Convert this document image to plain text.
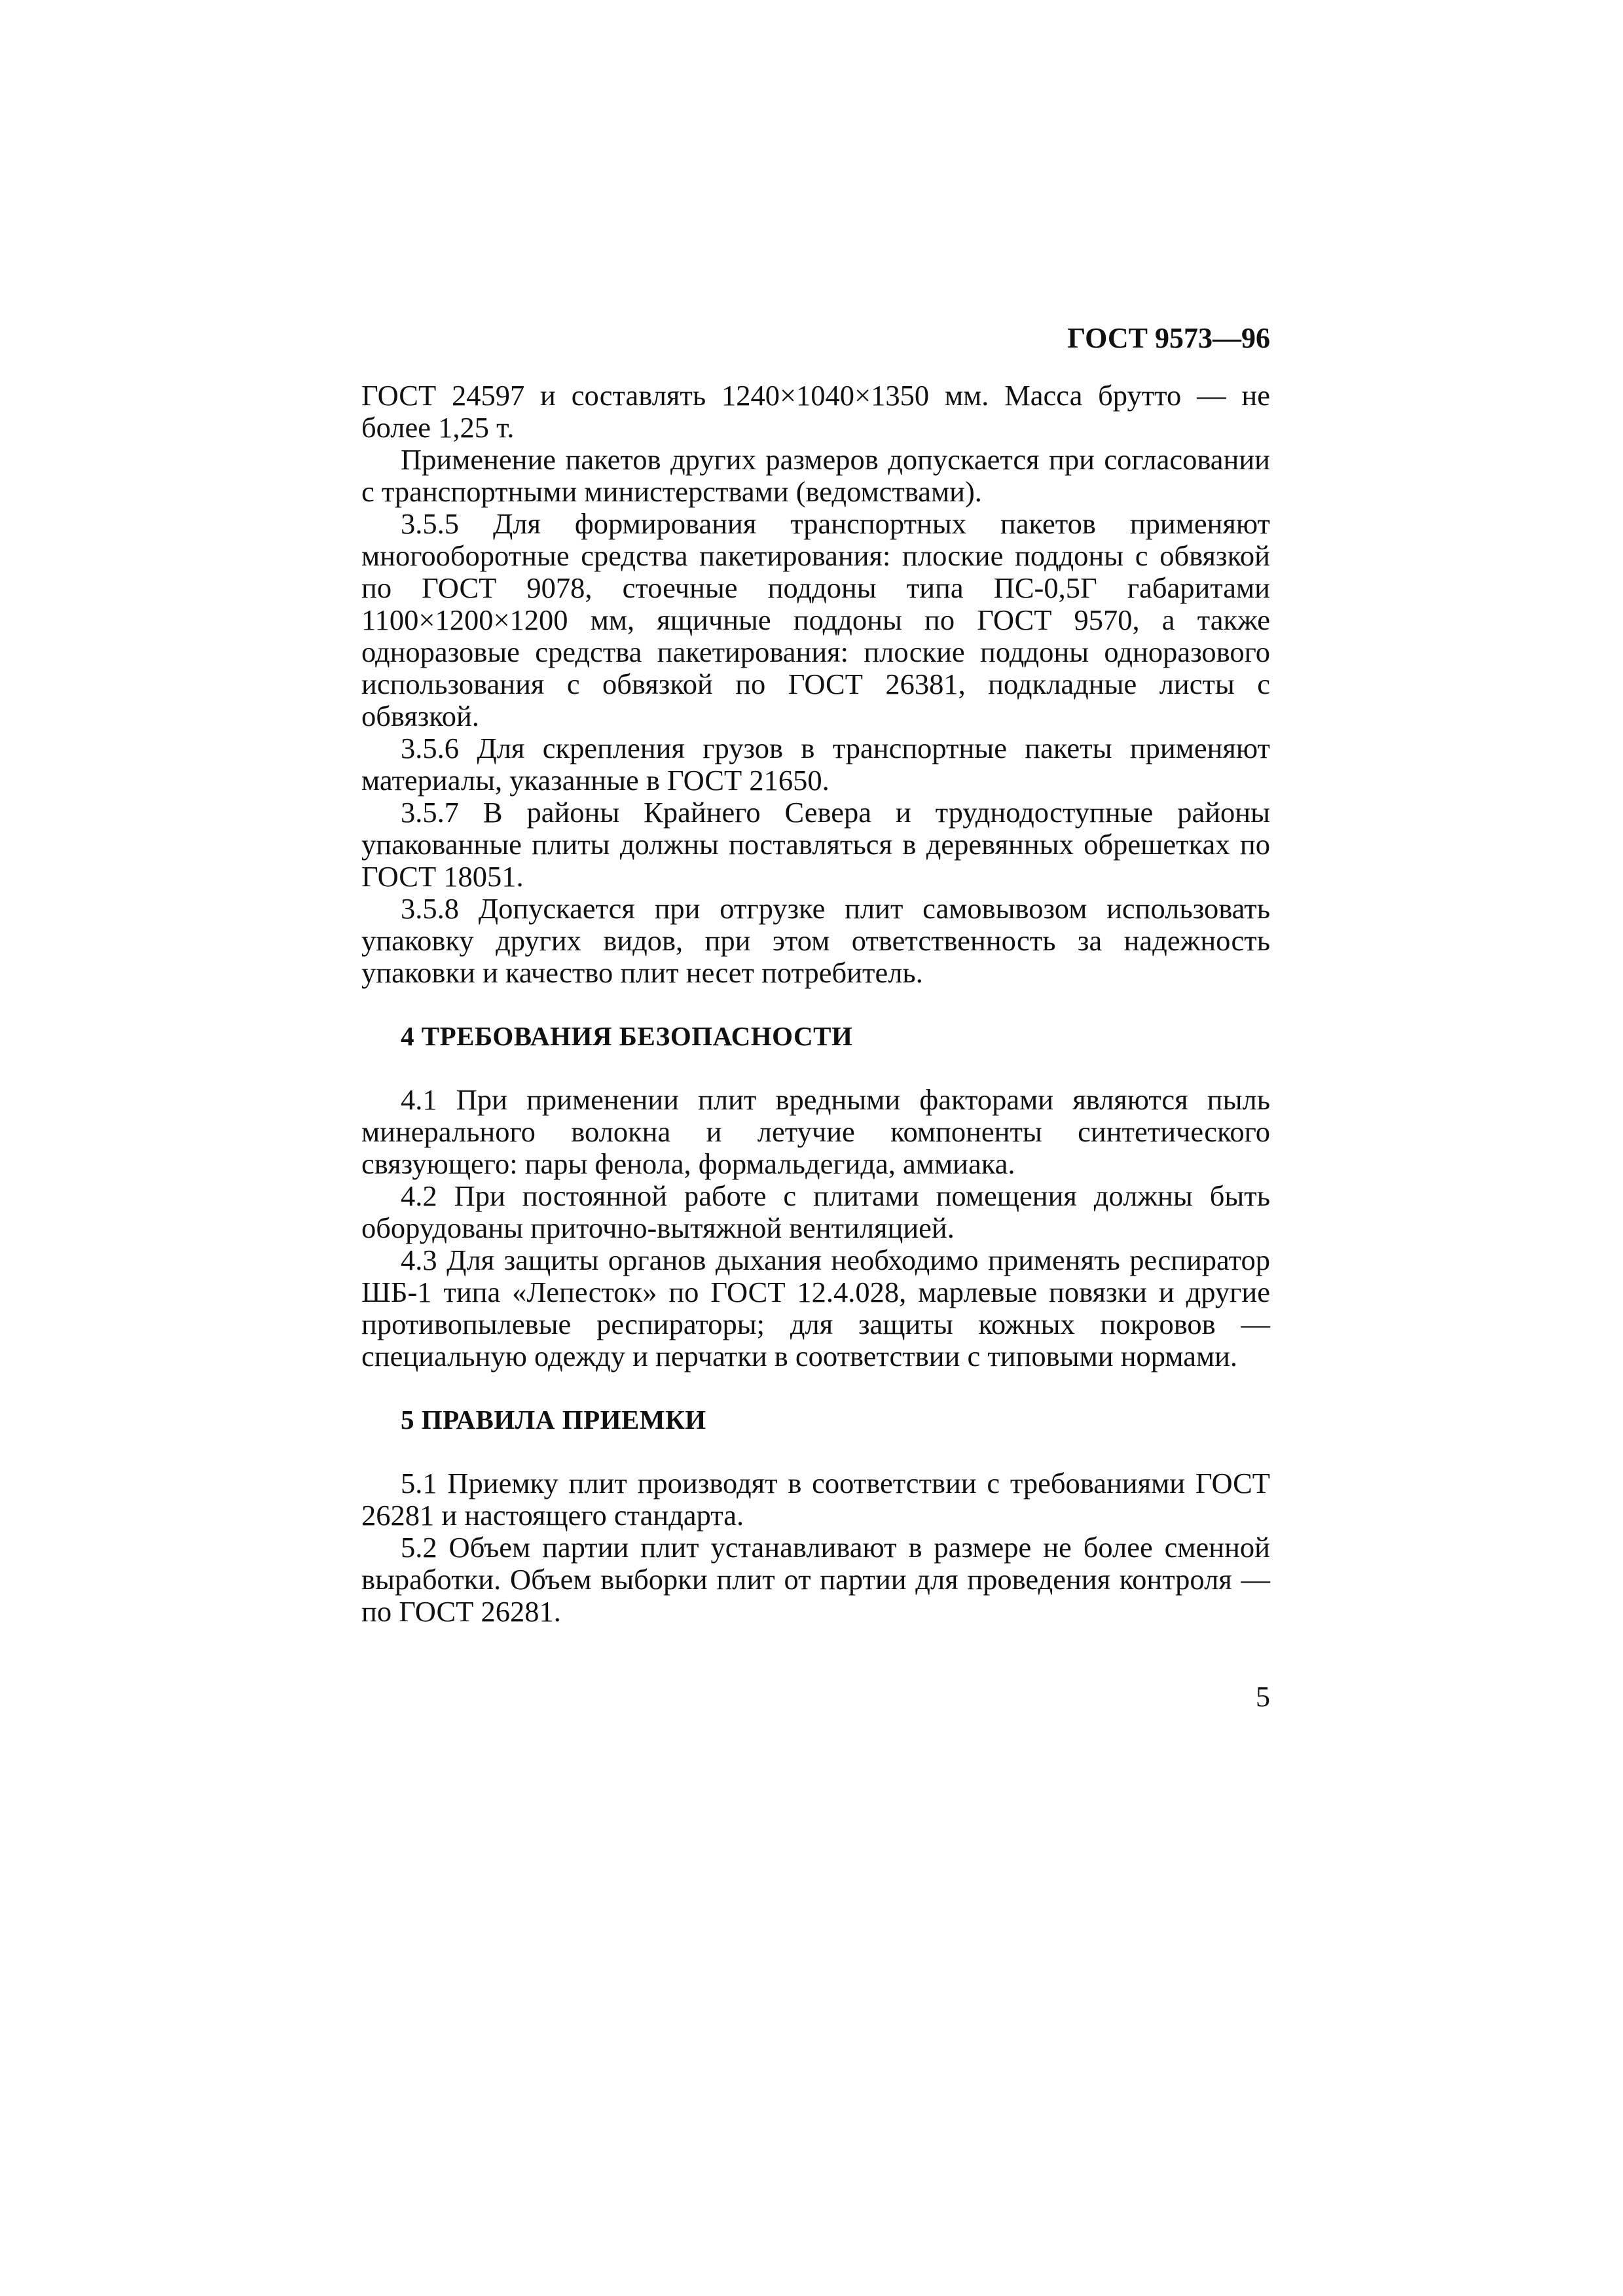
ГОСТ 9573—96

ГОСТ 24597 и составлять 1240×1040×1350 мм. Масса брутто — не более 1,25 т.

Применение пакетов других размеров допускается при согласовании с транспортными министерствами (ведомствами).

3.5.5 Для формирования транспортных пакетов применяют многооборотные средства пакетирования: плоские поддоны с обвязкой по ГОСТ 9078, стоечные поддоны типа ПС-0,5Г габаритами 1100×1200×1200 мм, ящичные поддоны по ГОСТ 9570, а также одноразовые средства пакетирования: плоские поддоны одноразового использования с обвязкой по ГОСТ 26381, подкладные листы с обвязкой.

3.5.6 Для скрепления грузов в транспортные пакеты применяют материалы, указанные в ГОСТ 21650.

3.5.7 В районы Крайнего Севера и труднодоступные районы упакованные плиты должны поставляться в деревянных обрешетках по ГОСТ 18051.

3.5.8 Допускается при отгрузке плит самовывозом использовать упаковку других видов, при этом ответственность за надежность упаковки и качество плит несет потребитель.

4 ТРЕБОВАНИЯ БЕЗОПАСНОСТИ

4.1 При применении плит вредными факторами являются пыль минерального волокна и летучие компоненты синтетического связующего: пары фенола, формальдегида, аммиака.

4.2 При постоянной работе с плитами помещения должны быть оборудованы приточно-вытяжной вентиляцией.

4.3 Для защиты органов дыхания необходимо применять респиратор ШБ-1 типа «Лепесток» по ГОСТ 12.4.028, марлевые повязки и другие противопылевые респираторы; для защиты кожных покровов — специальную одежду и перчатки в соответствии с типовыми нормами.

5 ПРАВИЛА ПРИЕМКИ

5.1 Приемку плит производят в соответствии с требованиями ГОСТ 26281 и настоящего стандарта.

5.2 Объем партии плит устанавливают в размере не более сменной выработки. Объем выборки плит от партии для проведения контроля — по ГОСТ 26281.

5
